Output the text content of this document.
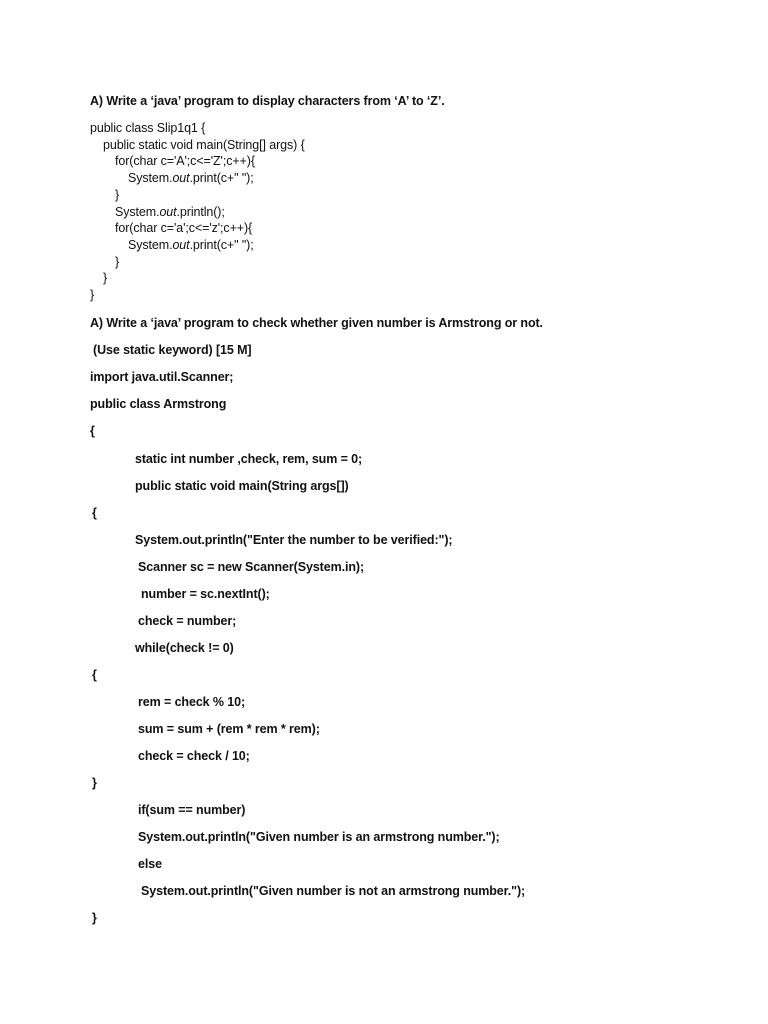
A) Write a ‘java’ program to display characters from ‘A’ to ‘Z’.
public class Slip1q1 {
public static void main(String[] args) {
for(char c='A';c<='Z';c++){
System.out.print(c+" ");
}
System.out.println();
for(char c='a';c<='z';c++){
System.out.print(c+" ");
}
}
}
A) Write a ‘java’ program to check whether given number is Armstrong or not.
(Use static keyword) [15 M]
import java.util.Scanner;
public class Armstrong
{
static int number ,check, rem, sum = 0;
public static void main(String args[])
{
System.out.println("Enter the number to be verified:");
Scanner sc = new Scanner(System.in);
number = sc.nextInt();
check = number;
while(check != 0)
{
rem = check % 10;
sum = sum + (rem * rem * rem);
check = check / 10;
}
if(sum == number)
System.out.println("Given number is an armstrong number.");
else
System.out.println("Given number is not an armstrong number.");
}
